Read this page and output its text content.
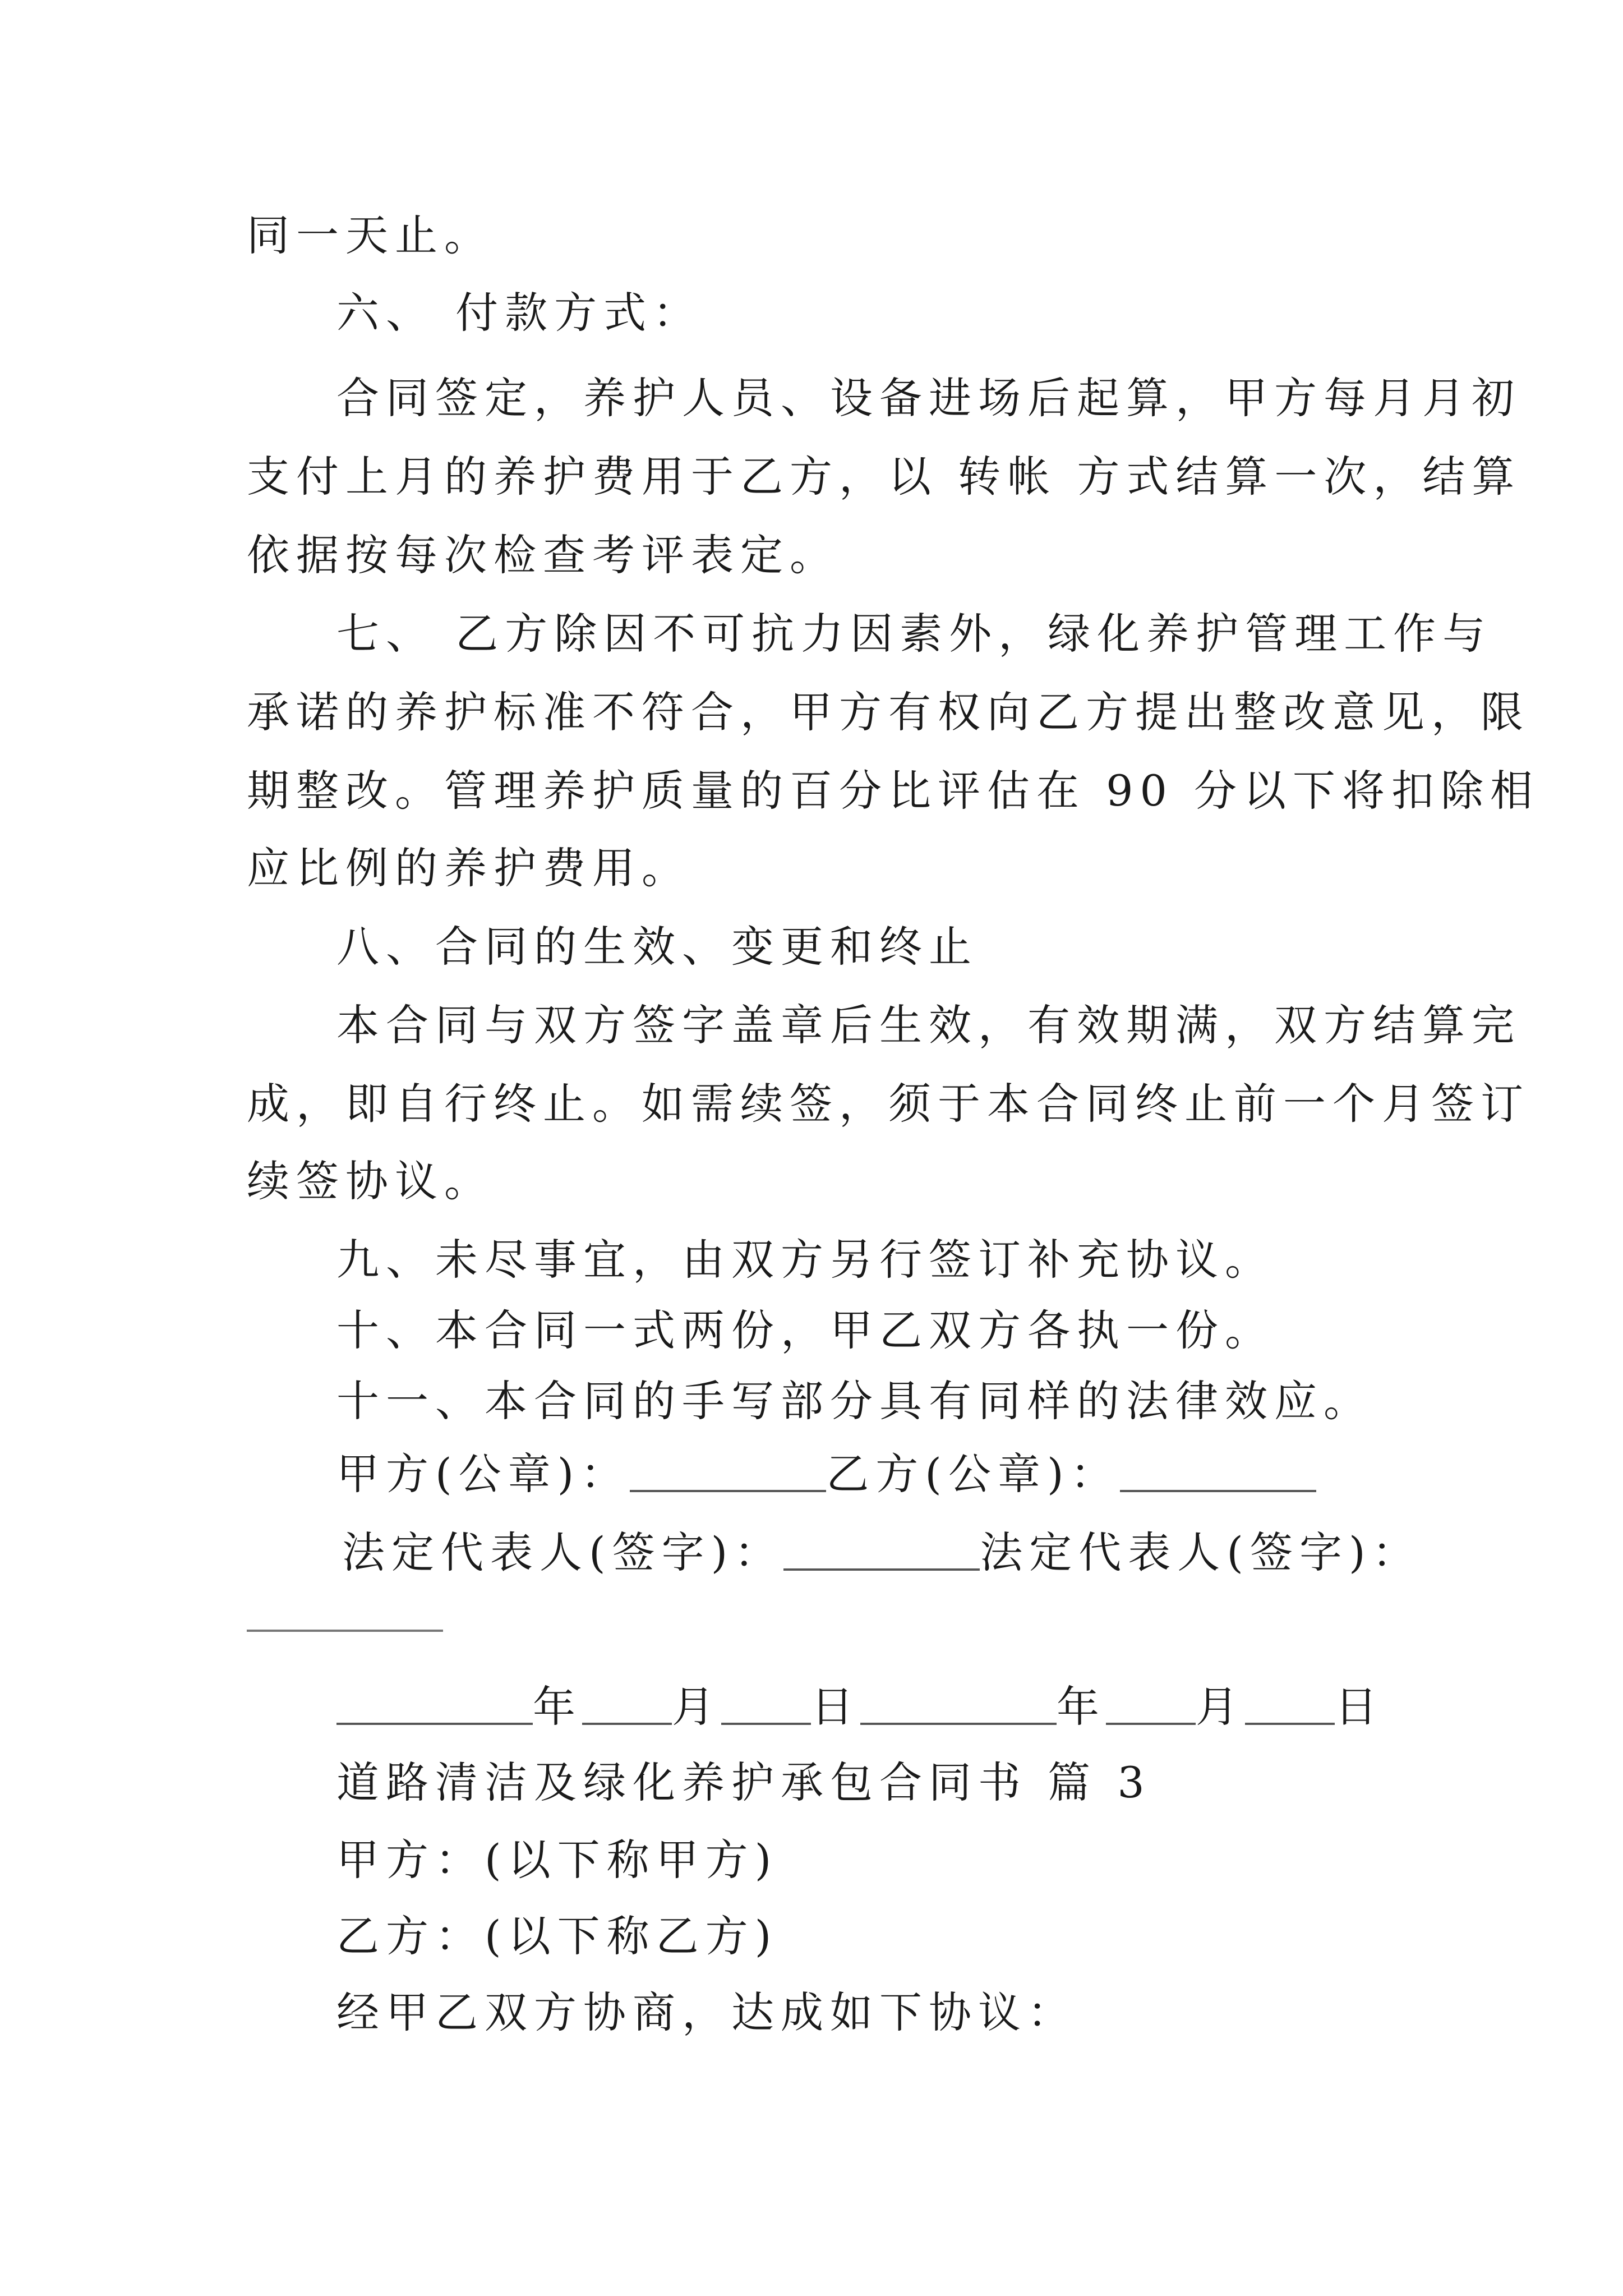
同一天止。
六、 付款方式：
合同签定，养护人员、设备进场后起算，甲方每月月初
支付上月的养护费用于乙方，以 转帐 方式结算一次，结算
依据按每次检查考评表定。
七、 乙方除因不可抗力因素外，绿化养护管理工作与
承诺的养护标准不符合，甲方有权向乙方提出整改意见，限
期整改。管理养护质量的百分比评估在 90 分以下将扣除相
应比例的养护费用。
八、合同的生效、变更和终止
本合同与双方签字盖章后生效，有效期满，双方结算完
成，即自行终止。如需续签，须于本合同终止前一个月签订
续签协议。
九、未尽事宜，由双方另行签订补充协议。
十、本合同一式两份，甲乙双方各执一份。
十一、本合同的手写部分具有同样的法律效应。
甲方(公章)：	乙方(公章)：
法定代表人(签字)：	法定代表人(签字)：
年 月 日	年 月 日
道路清洁及绿化养护承包合同书 篇 3
甲方：(以下称甲方)
乙方：(以下称乙方)
经甲乙双方协商，达成如下协议：
